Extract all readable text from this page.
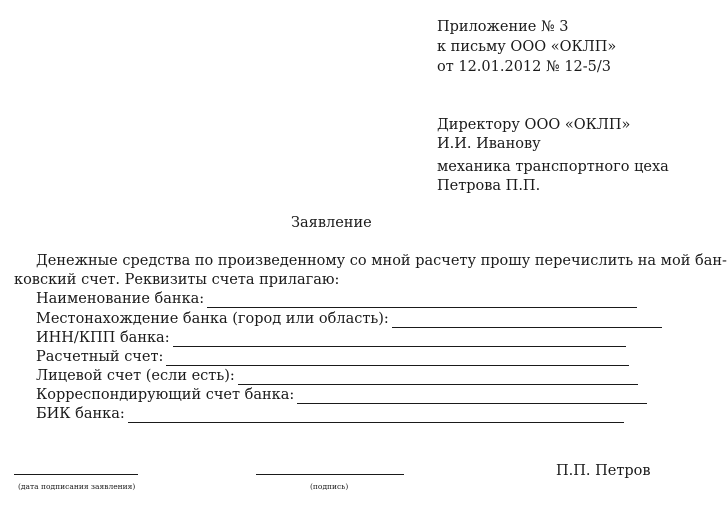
Приложение № 3
к письму ООО «ОКЛП»
от 12.01.2012 № 12-5/3
Директору ООО «ОКЛП»
И.И. Иванову
механика транспортного цеха
Петрова П.П.
Заявление
Денежные средства по произведенному со мной расчету прошу перечислить на мой бан-
ковский счет. Реквизиты счета прилагаю:
Наименование банка:
Местонахождение банка (город или область):
ИНН/КПП банка:
Расчетный счет:
Лицевой счет (если есть):
Корреспондирующий счет банка:
БИК банка:
(дата подписания заявления)	(подпись)
П.П. Петров
